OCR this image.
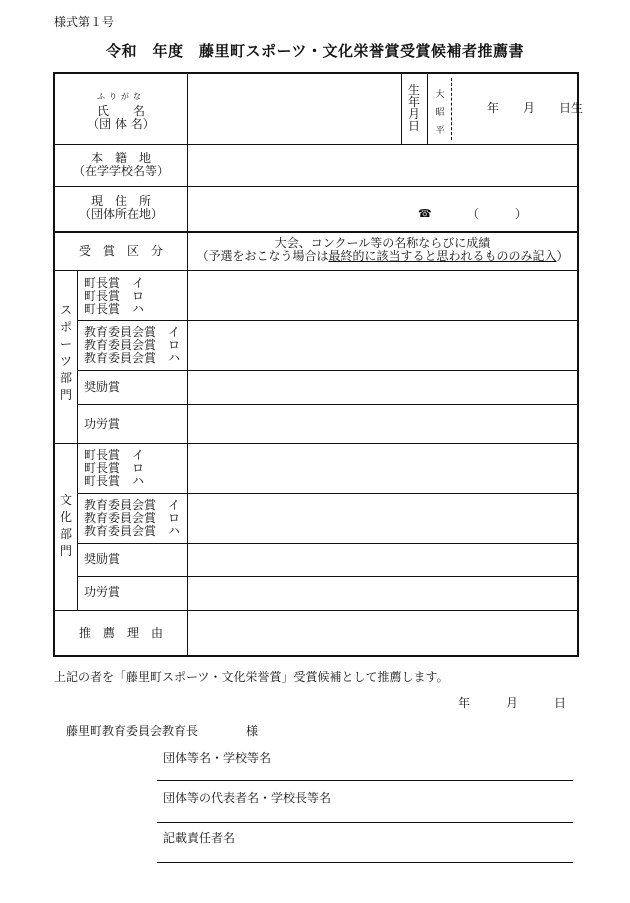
様式第１号
令和　年度　藤里町スポーツ・文化栄誉賞受賞候補者推薦書
ふりがな
氏　　名
（団 体 名）
生
年
月
日
大
昭
平
年　　月　　日生
本　籍　地
（在学学校名等）
現　住　所
（団体所在地）	☎	（　　　）
受　賞　区　分
大会、コンクール等の名称ならびに成績
（予選をおこなう場合は最終的に該当すると思われるもののみ記入）
ス
ポ
ー
ツ
部
門
町長賞　イ
町長賞　ロ
町長賞　ハ
教育委員会賞　イ
教育委員会賞　ロ
教育委員会賞　ハ
奨励賞
功労賞
文
化
部
門
町長賞　イ
町長賞　ロ
町長賞　ハ
教育委員会賞　イ
教育委員会賞　ロ
教育委員会賞　ハ
奨励賞
功労賞
推　薦　理　由
上記の者を「藤里町スポーツ・文化栄誉賞」受賞候補として推薦します。
年　　　月　　　日
藤里町教育委員会教育長　　　　様
団体等名・学校等名
団体等の代表者名・学校長等名
記載責任者名
